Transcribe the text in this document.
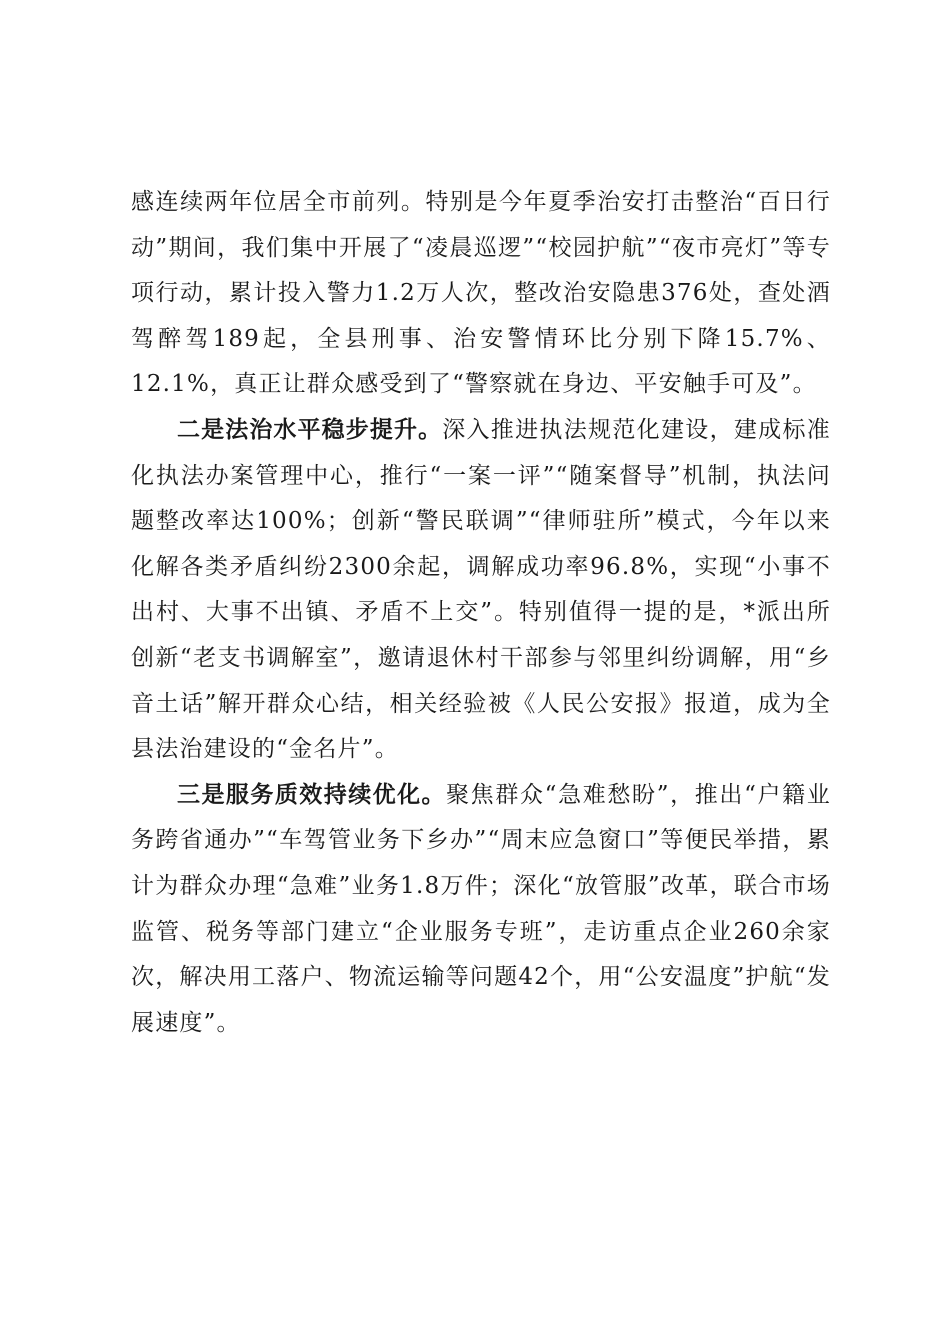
感连续两年位居全市前列。特别是今年夏季治安打击整治“百日行动”期间，我们集中开展了“凌晨巡逻”“校园护航”“夜市亮灯”等专项行动，累计投入警力1.2万人次，整改治安隐患376处，查处酒驾醉驾189起，全县刑事、治安警情环比分别下降15.7%、12.1%，真正让群众感受到了“警察就在身边、平安触手可及”。

二是法治水平稳步提升。深入推进执法规范化建设，建成标准化执法办案管理中心，推行“一案一评”“随案督导”机制，执法问题整改率达100%；创新“警民联调”“律师驻所”模式，今年以来化解各类矛盾纠纷2300余起，调解成功率96.8%，实现“小事不出村、大事不出镇、矛盾不上交”。特别值得一提的是，*派出所创新“老支书调解室”，邀请退休村干部参与邻里纠纷调解，用“乡音土话”解开群众心结，相关经验被《人民公安报》报道，成为全县法治建设的“金名片”。

三是服务质效持续优化。聚焦群众“急难愁盼”，推出“户籍业务跨省通办”“车驾管业务下乡办”“周末应急窗口”等便民举措，累计为群众办理“急难”业务1.8万件；深化“放管服”改革，联合市场监管、税务等部门建立“企业服务专班”，走访重点企业260余家次，解决用工落户、物流运输等问题42个，用“公安温度”护航“发展速度”。
